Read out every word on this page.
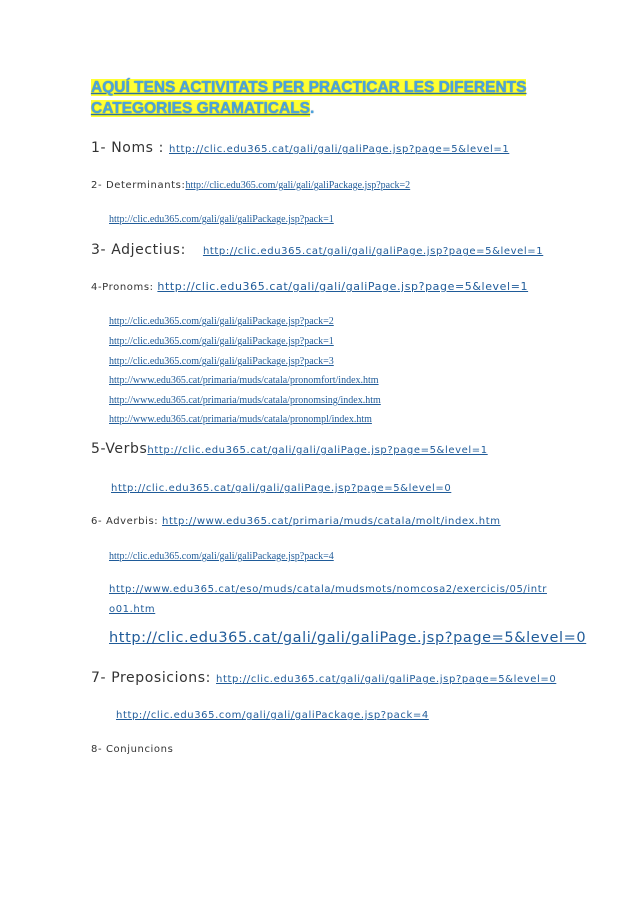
AQUÍ TENS ACTIVITATS PER PRACTICAR LES DIFERENTS CATEGORIES GRAMATICALS.
1- Noms : http://clic.edu365.cat/gali/gali/galiPage.jsp?page=5&level=1
2- Determinants:http://clic.edu365.com/gali/gali/galiPackage.jsp?pack=2
http://clic.edu365.com/gali/gali/galiPackage.jsp?pack=1
3- Adjectius: http://clic.edu365.cat/gali/gali/galiPage.jsp?page=5&level=1
4-Pronoms: http://clic.edu365.cat/gali/gali/galiPage.jsp?page=5&level=1
http://clic.edu365.com/gali/gali/galiPackage.jsp?pack=2
http://clic.edu365.com/gali/gali/galiPackage.jsp?pack=1
http://clic.edu365.com/gali/gali/galiPackage.jsp?pack=3
http://www.edu365.cat/primaria/muds/catala/pronomfort/index.htm
http://www.edu365.cat/primaria/muds/catala/pronomsing/index.htm
http://www.edu365.cat/primaria/muds/catala/pronompl/index.htm
5-Verbshttp://clic.edu365.cat/gali/gali/galiPage.jsp?page=5&level=1
http://clic.edu365.cat/gali/gali/galiPage.jsp?page=5&level=0
6- Adverbis: http://www.edu365.cat/primaria/muds/catala/molt/index.htm
http://clic.edu365.com/gali/gali/galiPackage.jsp?pack=4
http://www.edu365.cat/eso/muds/catala/mudsmots/nomcosa2/exercicis/05/intr
o01.htm
http://clic.edu365.cat/gali/gali/galiPage.jsp?page=5&level=0
7- Preposicions: http://clic.edu365.cat/gali/gali/galiPage.jsp?page=5&level=0
http://clic.edu365.com/gali/gali/galiPackage.jsp?pack=4
8- Conjuncions
